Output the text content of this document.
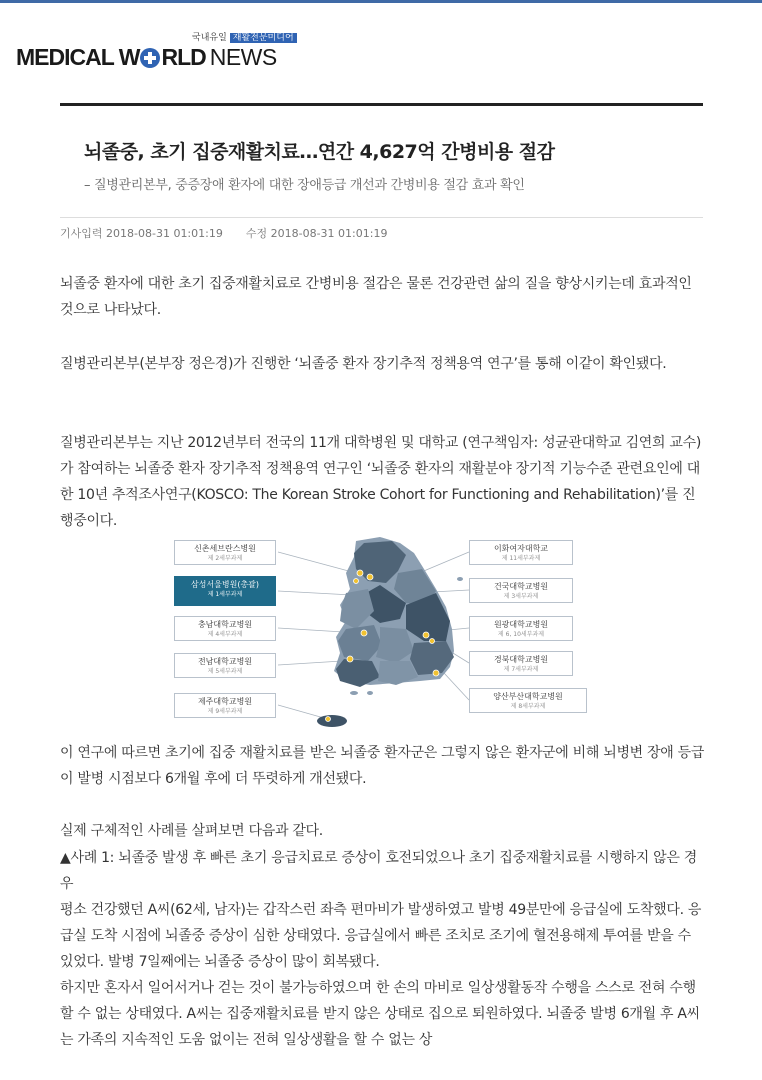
국내유일 재활전문미디어
MEDICAL W RLD NEWS
뇌졸중, 초기 집중재활치료…연간 4,627억 간병비용 절감

– 질병관리본부, 중증장애 환자에 대한 장애등급 개선과 간병비용 절감 효과 확인

기사입력 2018-08-31 01:01:19 수정 2018-08-31 01:01:19

뇌졸중 환자에 대한 초기 집중재활치료로 간병비용 절감은 물론 건강관련 삶의 질을 향상시키는데 효과적인 것으로 나타났다.

질병관리본부(본부장 정은경)가 진행한 ‘뇌졸중 환자 장기추적 정책용역 연구’를 통해 이같이 확인됐다.

질병관리본부는 지난 2012년부터 전국의 11개 대학병원 및 대학교 (연구책임자: 성균관대학교 김연희 교수)가 참여하는 뇌졸중 환자 장기추적 정책용역 연구인 ‘뇌졸중 환자의 재활분야 장기적 기능수준 관련요인에 대한 10년 추적조사연구(KOSCO: The Korean Stroke Cohort for Functioning and Rehabilitation)’를 진행중이다.

신촌세브란스병원
제 2세부과제
삼성서울병원(총괄)
제 1세부과제
충남대학교병원
제 4세부과제
전남대학교병원
제 5세부과제
제주대학교병원
제 9세부과제
이화여자대학교
제 11세부과제
건국대학교병원
제 3세부과제
원광대학교병원
제 6, 10세부과제
경북대학교병원
제 7세부과제
양산부산대학교병원
제 8세부과제

이 연구에 따르면 초기에 집중 재활치료를 받은 뇌졸중 환자군은 그렇지 않은 환자군에 비해 뇌병변 장애 등급이 발병 시점보다 6개월 후에 더 뚜렷하게 개선됐다.

실제 구체적인 사례를 살펴보면 다음과 같다.

▲사례 1: 뇌졸중 발생 후 빠른 초기 응급치료로 증상이 호전되었으나 초기 집중재활치료를 시행하지 않은 경우

평소 건강했던 A씨(62세, 남자)는 갑작스런 좌측 편마비가 발생하였고 발병 49분만에 응급실에 도착했다. 응급실 도착 시점에 뇌졸중 증상이 심한 상태였다. 응급실에서 빠른 조치로 조기에 혈전용해제 투여를 받을 수 있었다. 발병 7일째에는 뇌졸중 증상이 많이 회복됐다.

하지만 혼자서 일어서거나 걷는 것이 불가능하였으며 한 손의 마비로 일상생활동작 수행을 스스로 전혀 수행할 수 없는 상태였다. A씨는 집중재활치료를 받지 않은 상태로 집으로 퇴원하였다. 뇌졸중 발병 6개월 후 A씨는 가족의 지속적인 도움 없이는 전혀 일상생활을 할 수 없는 상
